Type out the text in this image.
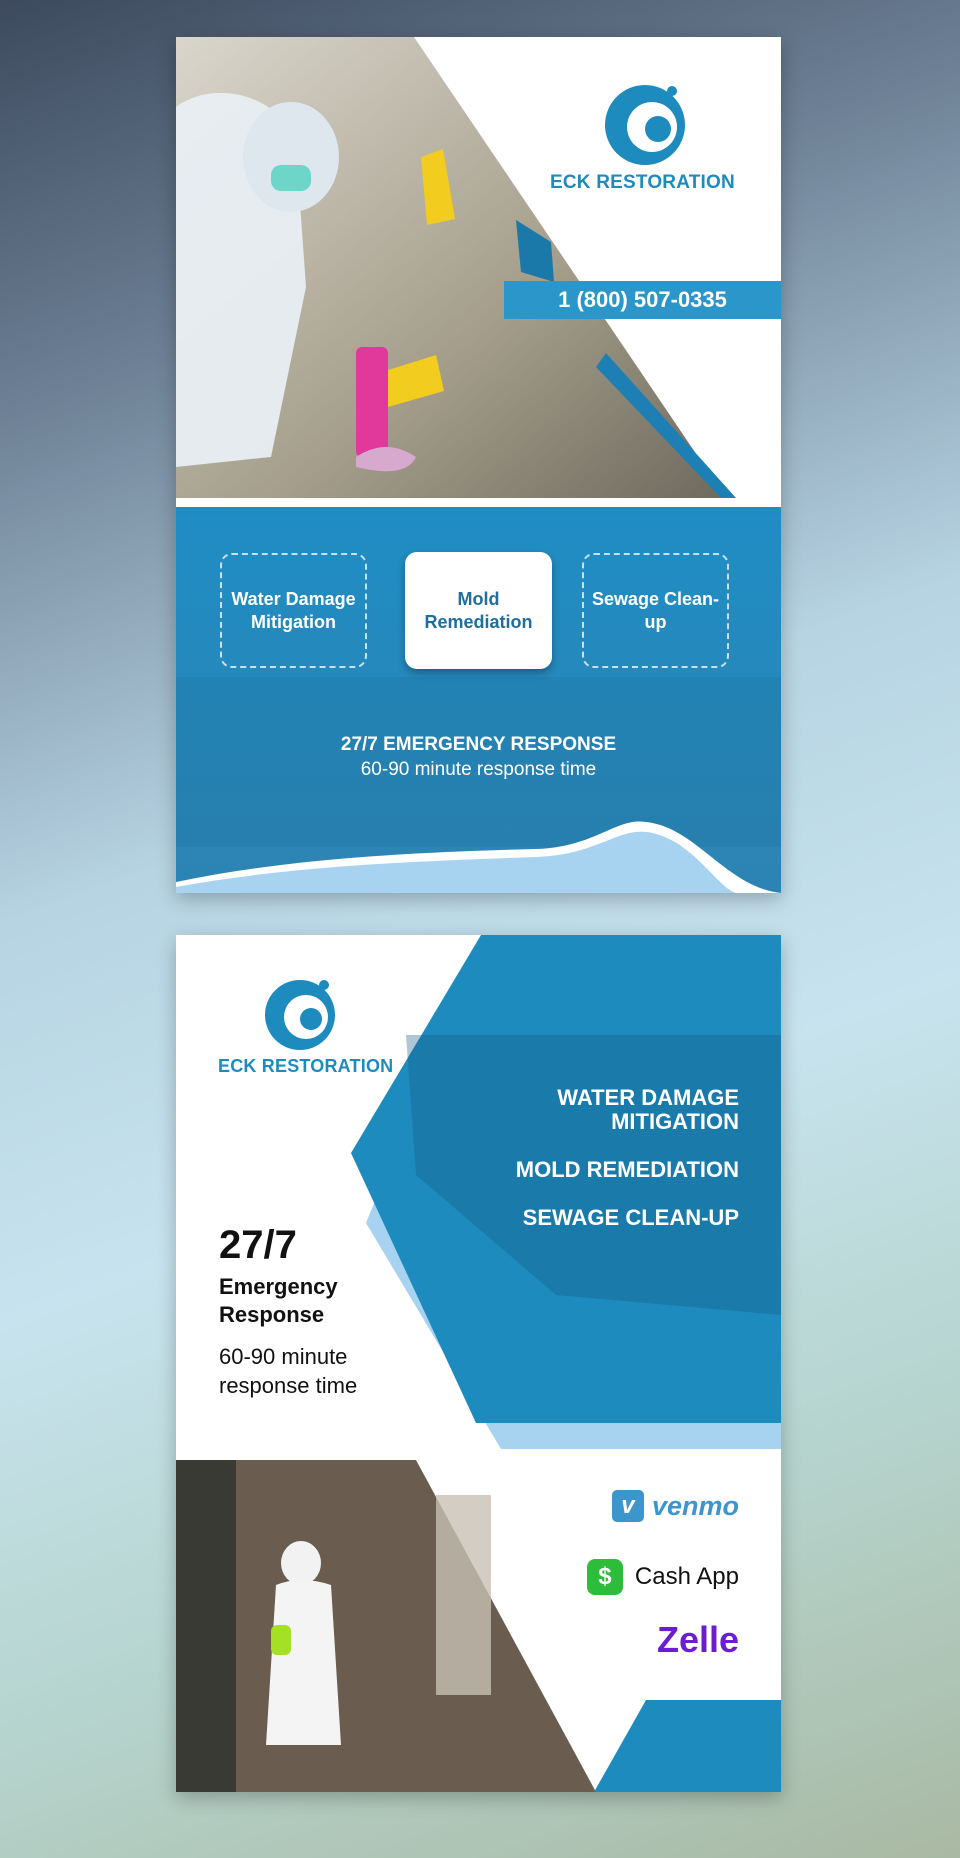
ECK RESTORATION
1 (800) 507-0335
Water Damage Mitigation
Mold Remediation
Sewage Clean-up
27/7 EMERGENCY RESPONSE
60-90 minute response time
ECK RESTORATION
WATER DAMAGE
MITIGATION
MOLD REMEDIATION
SEWAGE CLEAN-UP
27/7
Emergency
Response
60-90 minute
response time
v venmo
$ Cash App
Zelle
